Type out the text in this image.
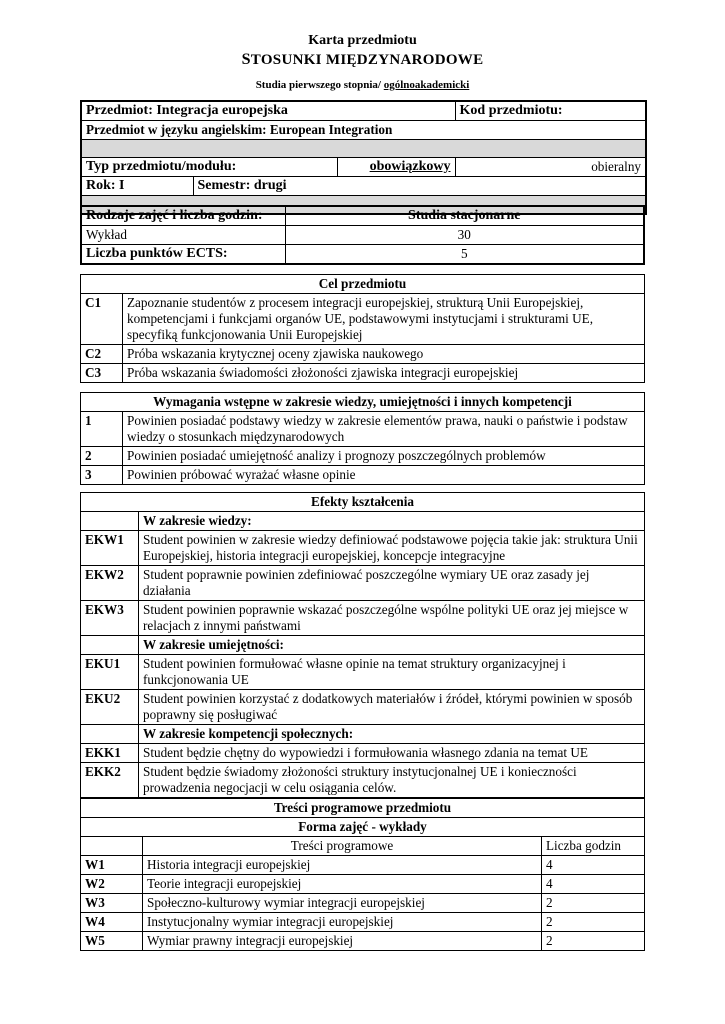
Karta przedmiotu
STOSUNKI MIĘDZYNARODOWE
Studia pierwszego stopnia/ ogólnoakademicki
Przedmiot: Integracja europejska			Kod przedmiotu:
Przedmiot w języku angielskim: European Integration			

Typ przedmiotu/modułu:		obowiązkowy	obieralny
Rok: I	Semestr: drugi		

Rodzaje zajęć i liczba godzin:	Studia stacjonarne
Wykład	30
Liczba punktów ECTS:	5
Cel przedmiotu	
C1	Zapoznanie studentów z procesem integracji europejskiej, strukturą Unii Europejskiej, kompetencjami i funkcjami organów UE, podstawowymi instytucjami i strukturami UE, specyfiką funkcjonowania Unii Europejskiej
C2	Próba wskazania krytycznej oceny zjawiska naukowego
C3	Próba wskazania świadomości złożoności zjawiska integracji europejskiej
Wymagania wstępne w zakresie wiedzy, umiejętności i innych kompetencji	
1	Powinien posiadać podstawy wiedzy w zakresie elementów prawa, nauki o państwie i podstaw wiedzy o stosunkach międzynarodowych
2	Powinien posiadać umiejętność analizy i prognozy poszczególnych problemów
3	Powinien próbować wyrażać własne opinie
Efekty kształcenia	
	W zakresie wiedzy:
EKW1	Student powinien w zakresie wiedzy definiować podstawowe pojęcia takie jak: struktura Unii Europejskiej, historia integracji europejskiej, koncepcje integracyjne
EKW2	Student poprawnie powinien zdefiniować poszczególne wymiary UE oraz zasady jej działania
EKW3	Student powinien poprawnie wskazać poszczególne wspólne polityki UE oraz jej miejsce w relacjach z innymi państwami
	W zakresie umiejętności:
EKU1	Student powinien formułować własne opinie na temat struktury organizacyjnej i funkcjonowania UE
EKU2	Student powinien korzystać z dodatkowych materiałów i źródeł, którymi powinien w sposób poprawny się posługiwać
	W zakresie kompetencji społecznych:
EKK1	Student będzie chętny do wypowiedzi i formułowania własnego zdania na temat UE
EKK2	Student będzie świadomy złożoności struktury instytucjonalnej UE i konieczności prowadzenia negocjacji w celu osiągania celów.
Treści programowe przedmiotu		
Forma zajęć - wykłady		
	Treści programowe	Liczba godzin
W1	Historia integracji europejskiej	4
W2	Teorie integracji europejskiej	4
W3	Społeczno-kulturowy wymiar integracji europejskiej	2
W4	Instytucjonalny wymiar integracji europejskiej	2
W5	Wymiar prawny integracji europejskiej	2
